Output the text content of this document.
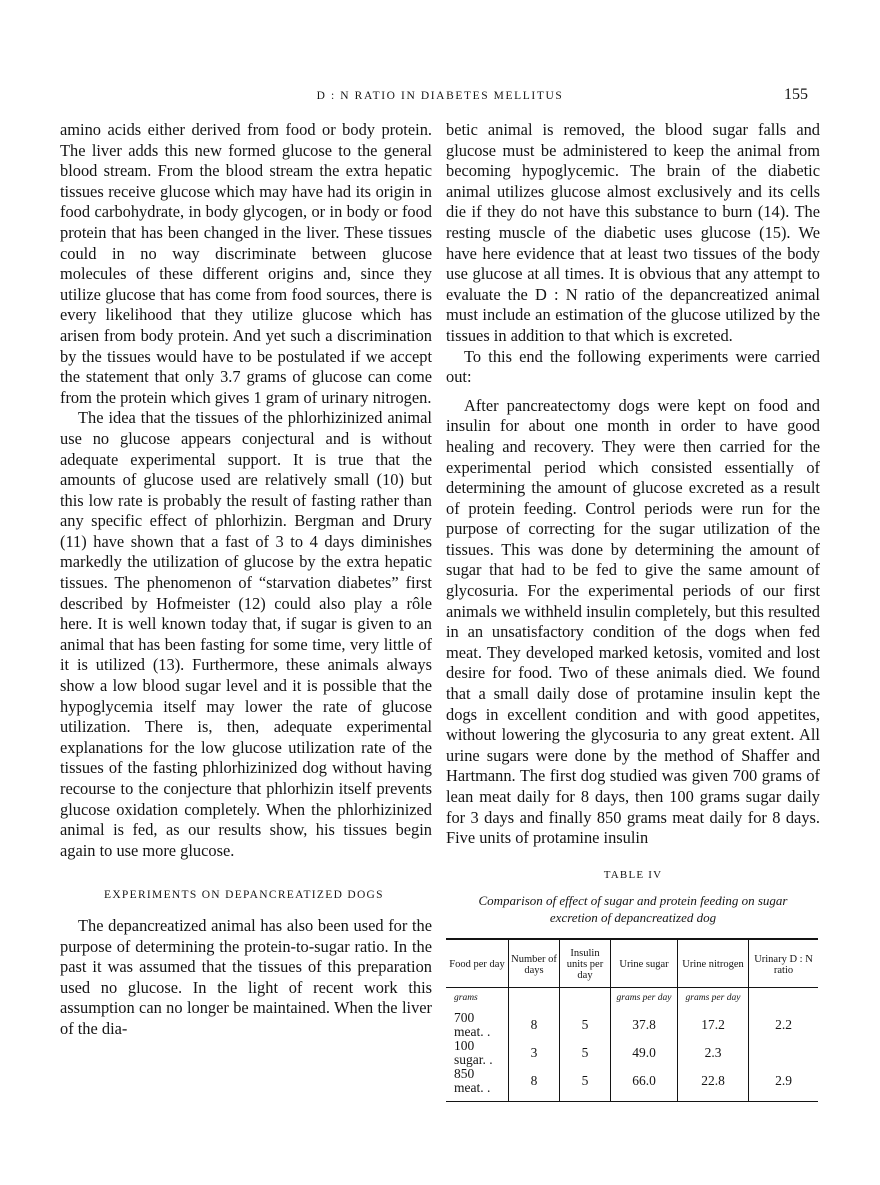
D : N RATIO IN DIABETES MELLITUS	155

amino acids either derived from food or body protein. The liver adds this new formed glucose to the general blood stream. From the blood stream the extra hepatic tissues receive glucose which may have had its origin in food carbohydrate, in body glycogen, or in body or food protein that has been changed in the liver. These tissues could in no way discriminate between glucose molecules of these different origins and, since they utilize glucose that has come from food sources, there is every likelihood that they utilize glucose which has arisen from body protein. And yet such a discrimination by the tissues would have to be postulated if we accept the statement that only 3.7 grams of glucose can come from the protein which gives 1 gram of urinary nitrogen.

The idea that the tissues of the phlorhizinized animal use no glucose appears conjectural and is without adequate experimental support. It is true that the amounts of glucose used are relatively small (10) but this low rate is probably the result of fasting rather than any specific effect of phlorhizin. Bergman and Drury (11) have shown that a fast of 3 to 4 days diminishes markedly the utilization of glucose by the extra hepatic tissues. The phenomenon of “starvation diabetes” first described by Hofmeister (12) could also play a rôle here. It is well known today that, if sugar is given to an animal that has been fasting for some time, very little of it is utilized (13). Furthermore, these animals always show a low blood sugar level and it is possible that the hypoglycemia itself may lower the rate of glucose utilization. There is, then, adequate experimental explanations for the low glucose utilization rate of the tissues of the fasting phlorhizinized dog without having recourse to the conjecture that phlorhizin itself prevents glucose oxidation completely. When the phlorhizinized animal is fed, as our results show, his tissues begin again to use more glucose.

EXPERIMENTS ON DEPANCREATIZED DOGS

The depancreatized animal has also been used for the purpose of determining the protein-to-sugar ratio. In the past it was assumed that the tissues of this preparation used no glucose. In the light of recent work this assumption can no longer be maintained. When the liver of the dia-

betic animal is removed, the blood sugar falls and glucose must be administered to keep the animal from becoming hypoglycemic. The brain of the diabetic animal utilizes glucose almost exclusively and its cells die if they do not have this substance to burn (14). The resting muscle of the diabetic uses glucose (15). We have here evidence that at least two tissues of the body use glucose at all times. It is obvious that any attempt to evaluate the D : N ratio of the depancreatized animal must include an estimation of the glucose utilized by the tissues in addition to that which is excreted.

To this end the following experiments were carried out:

After pancreatectomy dogs were kept on food and insulin for about one month in order to have good healing and recovery. They were then carried for the experimental period which consisted essentially of determining the amount of glucose excreted as a result of protein feeding. Control periods were run for the purpose of correcting for the sugar utilization of the tissues. This was done by determining the amount of sugar that had to be fed to give the same amount of glycosuria. For the experimental periods of our first animals we withheld insulin completely, but this resulted in an unsatisfactory condition of the dogs when fed meat. They developed marked ketosis, vomited and lost desire for food. Two of these animals died. We found that a small daily dose of protamine insulin kept the dogs in excellent condition and with good appetites, without lowering the glycosuria to any great extent. All urine sugars were done by the method of Shaffer and Hartmann. The first dog studied was given 700 grams of lean meat daily for 8 days, then 100 grams sugar daily for 3 days and finally 850 grams meat daily for 8 days. Five units of protamine insulin

TABLE IV
Comparison of effect of sugar and protein feeding on sugar excretion of depancreatized dog
Food per day	Number of days	Insulin units per day	Urine sugar	Urine nitrogen	Urinary D : N ratio
grams			grams per day	grams per day	
700 meat. .	8	5	37.8	17.2	2.2
100 sugar. .	3	5	49.0	2.3	
850 meat. .	8	5	66.0	22.8	2.9
